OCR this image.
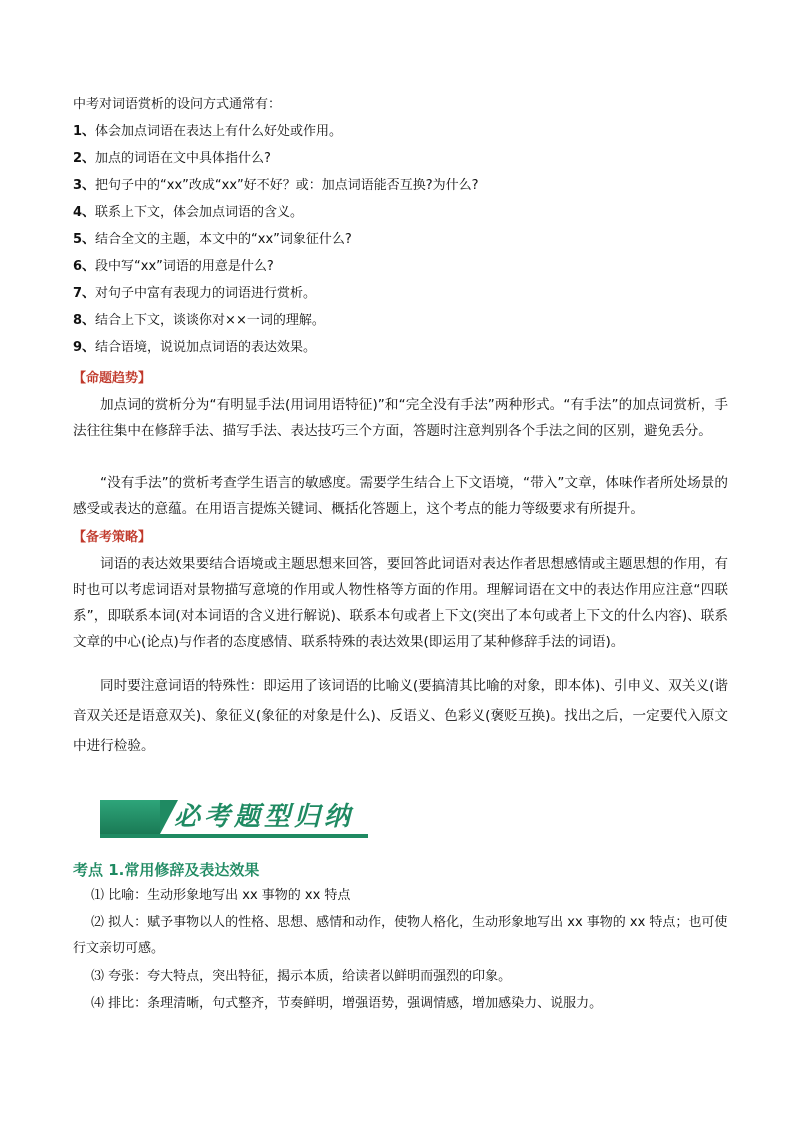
中考对词语赏析的设问方式通常有：
1、体会加点词语在表达上有什么好处或作用。
2、加点的词语在文中具体指什么?
3、把句子中的“xx”改成“xx”好不好？或：加点词语能否互换?为什么?
4、联系上下文，体会加点词语的含义。
5、结合全文的主题，本文中的“xx”词象征什么?
6、段中写“xx”词语的用意是什么?
7、对句子中富有表现力的词语进行赏析。
8、结合上下文，谈谈你对××一词的理解。
9、结合语境，说说加点词语的表达效果。
【命题趋势】
加点词的赏析分为“有明显手法(用词用语特征)”和“完全没有手法”两种形式。“有手法”的加点词赏析，手法往往集中在修辞手法、描写手法、表达技巧三个方面，答题时注意判别各个手法之间的区别，避免丢分。
“没有手法”的赏析考查学生语言的敏感度。需要学生结合上下文语境，“带入”文章，体味作者所处场景的感受或表达的意蕴。在用语言提炼关键词、概括化答题上，这个考点的能力等级要求有所提升。
【备考策略】
词语的表达效果要结合语境或主题思想来回答，要回答此词语对表达作者思想感情或主题思想的作用，有时也可以考虑词语对景物描写意境的作用或人物性格等方面的作用。理解词语在文中的表达作用应注意“四联系”，即联系本词(对本词语的含义进行解说)、联系本句或者上下文(突出了本句或者上下文的什么内容)、联系文章的中心(论点)与作者的态度感情、联系特殊的表达效果(即运用了某种修辞手法的词语)。
同时要注意词语的特殊性：即运用了该词语的比喻义(要搞清其比喻的对象，即本体)、引申义、双关义(谐音双关还是语意双关)、象征义(象征的对象是什么)、反语义、色彩义(褒贬互换)。找出之后，一定要代入原文中进行检验。
必考题型归纳
考点 1.常用修辞及表达效果
⑴ 比喻：生动形象地写出 xx 事物的 xx 特点
⑵ 拟人：赋予事物以人的性格、思想、感情和动作，使物人格化，生动形象地写出 xx 事物的 xx 特点；也可使行文亲切可感。
⑶ 夸张：夸大特点，突出特征，揭示本质，给读者以鲜明而强烈的印象。
⑷ 排比：条理清晰，句式整齐，节奏鲜明，增强语势，强调情感，增加感染力、说服力。
